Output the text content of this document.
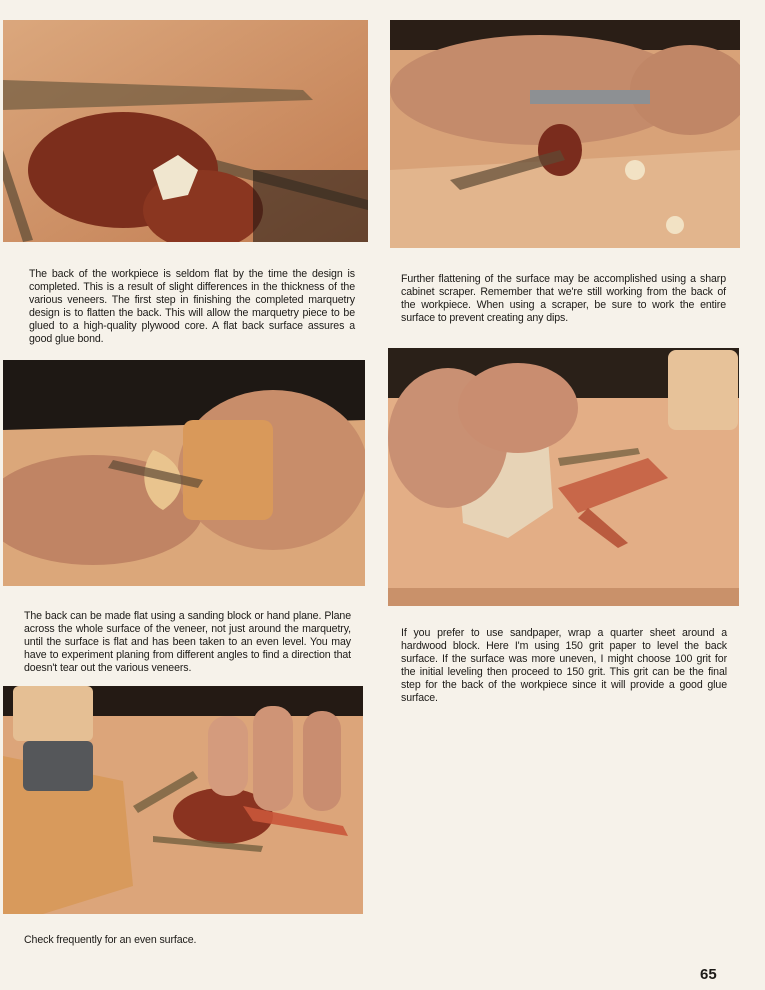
The back of the workpiece is seldom flat by the time the design is completed. This is a result of slight differences in the thickness of the various veneers. The first step in finishing the completed marquetry design is to flatten the back. This will allow the marquetry piece to be glued to a high-quality plywood core. A flat back surface assures a good glue bond.
Further flattening of the surface may be accomplished using a sharp cabinet scraper. Remember that we're still working from the back of the workpiece. When using a scraper, be sure to work the entire surface to prevent creating any dips.
The back can be made flat using a sanding block or hand plane. Plane across the whole surface of the veneer, not just around the marquetry, until the surface is flat and has been taken to an even level. You may have to experiment planing from different angles to find a direction that doesn't tear out the various veneers.
If you prefer to use sandpaper, wrap a quarter sheet around a hardwood block. Here I'm using 150 grit paper to level the back surface. If the surface was more uneven, I might choose 100 grit for the initial leveling then proceed to 150 grit. This grit can be the final step for the back of the workpiece since it will provide a good glue surface.
Check frequently for an even surface.
65
